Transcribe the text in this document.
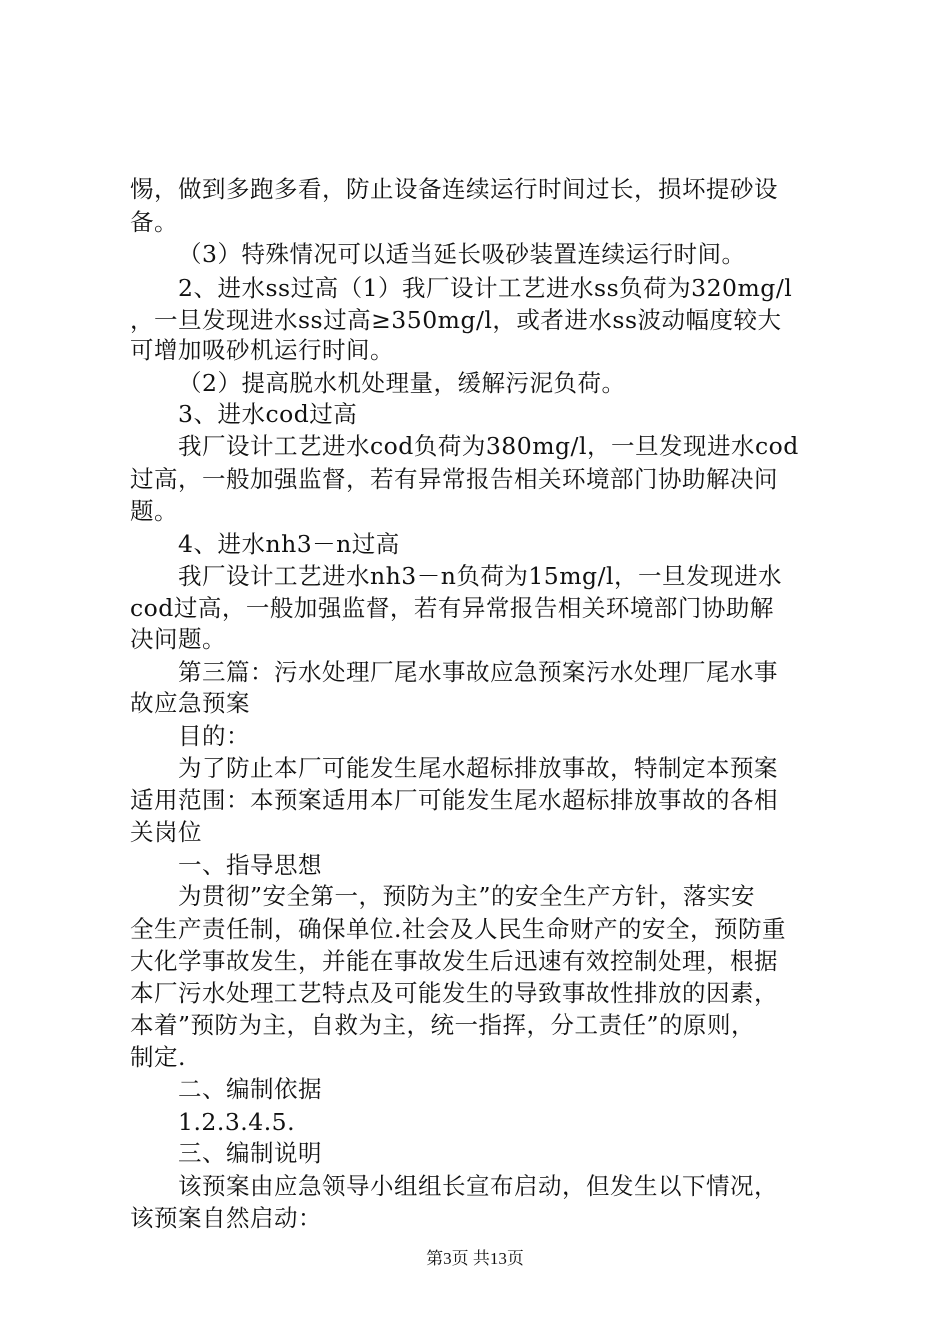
惕，做到多跑多看，防止设备连续运行时间过长，损坏提砂设
备。
（3）特殊情况可以适当延长吸砂装置连续运行时间。
2、进水ss过高（1）我厂设计工艺进水ss负荷为320mg/l
，一旦发现进水ss过高≥350mg/l，或者进水ss波动幅度较大
可增加吸砂机运行时间。
（2）提高脱水机处理量，缓解污泥负荷。
3、进水cod过高
我厂设计工艺进水cod负荷为380mg/l，一旦发现进水cod
过高，一般加强监督，若有异常报告相关环境部门协助解决问
题。
4、进水nh3－n过高
我厂设计工艺进水nh3－n负荷为15mg/l，一旦发现进水
cod过高，一般加强监督，若有异常报告相关环境部门协助解
决问题。
第三篇：污水处理厂尾水事故应急预案污水处理厂尾水事
故应急预案
目的：
为了防止本厂可能发生尾水超标排放事故，特制定本预案
适用范围：本预案适用本厂可能发生尾水超标排放事故的各相
关岗位
一、指导思想
为贯彻”安全第一，预防为主”的安全生产方针，落实安
全生产责任制，确保单位.社会及人民生命财产的安全，预防重
大化学事故发生，并能在事故发生后迅速有效控制处理，根据
本厂污水处理工艺特点及可能发生的导致事故性排放的因素，
本着”预防为主，自救为主，统一指挥，分工责任”的原则，
制定.
二、编制依据
1.2.3.4.5.
三、编制说明
该预案由应急领导小组组长宣布启动，但发生以下情况，
该预案自然启动：
第3页 共13页
